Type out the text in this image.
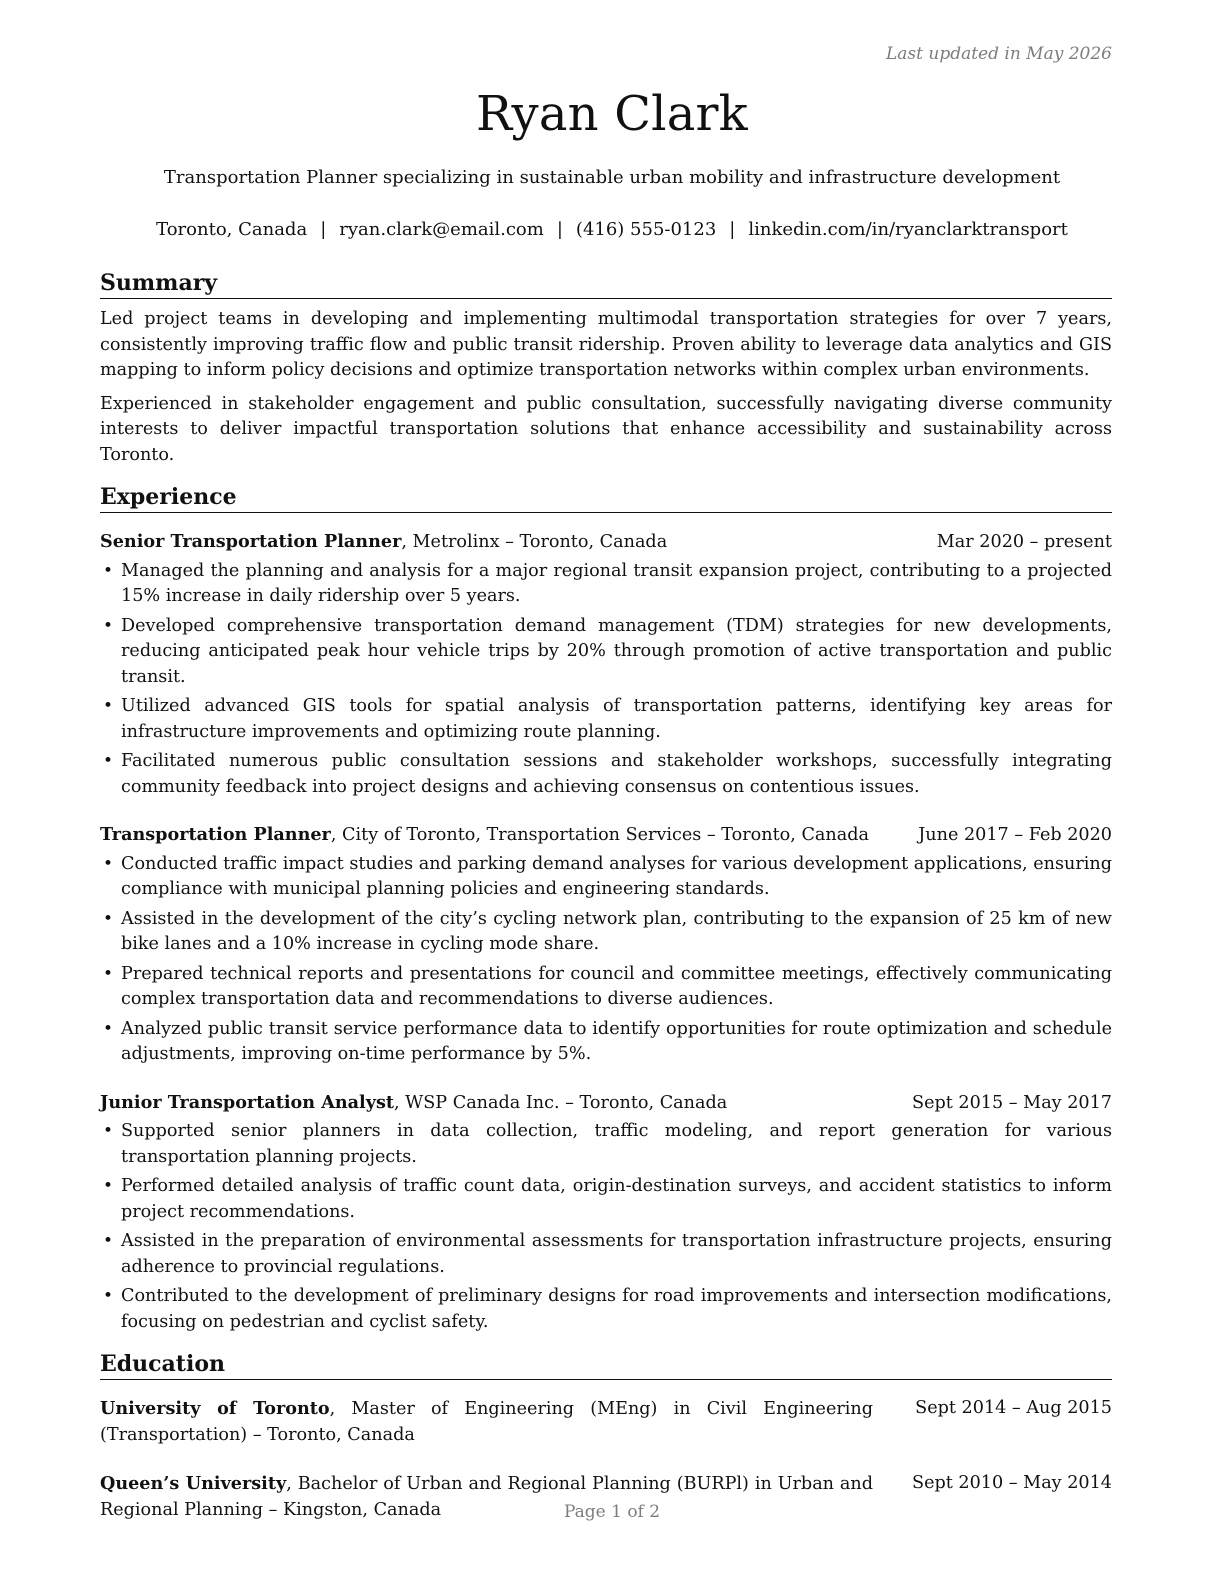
Last updated in May 2026
Ryan Clark
Transportation Planner specializing in sustainable urban mobility and infrastructure development
Toronto, Canada | ryan.clark@email.com | (416) 555-0123 | linkedin.com/in/ryanclarktransport
Summary

Led project teams in developing and implementing multimodal transportation strategies for over 7 years, consistently improving traffic flow and public transit ridership. Proven ability to leverage data analytics and GIS mapping to inform policy decisions and optimize transportation networks within complex urban environments.

Experienced in stakeholder engagement and public consultation, successfully navigating diverse community interests to deliver impactful transportation solutions that enhance accessibility and sustainability across Toronto.

Experience
Senior Transportation Planner, Metrolinx – Toronto, Canada	Mar 2020 – present
• Managed the planning and analysis for a major regional transit expansion project, contributing to a projected 15% increase in daily ridership over 5 years.
• Developed comprehensive transportation demand management (TDM) strategies for new developments, reducing anticipated peak hour vehicle trips by 20% through promotion of active transportation and public transit.
• Utilized advanced GIS tools for spatial analysis of transportation patterns, identifying key areas for infrastructure improvements and optimizing route planning.
• Facilitated numerous public consultation sessions and stakeholder workshops, successfully integrating community feedback into project designs and achieving consensus on contentious issues.
Transportation Planner, City of Toronto, Transportation Services – Toronto, Canada	June 2017 – Feb 2020
• Conducted traffic impact studies and parking demand analyses for various development applications, ensuring compliance with municipal planning policies and engineering standards.
• Assisted in the development of the city’s cycling network plan, contributing to the expansion of 25 km of new bike lanes and a 10% increase in cycling mode share.
• Prepared technical reports and presentations for council and committee meetings, effectively communicating complex transportation data and recommendations to diverse audiences.
• Analyzed public transit service performance data to identify opportunities for route optimization and schedule adjustments, improving on-time performance by 5%.
Junior Transportation Analyst, WSP Canada Inc. – Toronto, Canada	Sept 2015 – May 2017
• Supported senior planners in data collection, traffic modeling, and report generation for various transportation planning projects.
• Performed detailed analysis of traffic count data, origin-destination surveys, and accident statistics to inform project recommendations.
• Assisted in the preparation of environmental assessments for transportation infrastructure projects, ensuring adherence to provincial regulations.
• Contributed to the development of preliminary designs for road improvements and intersection modifications, focusing on pedestrian and cyclist safety.
Education
University of Toronto, Master of Engineering (MEng) in Civil Engineering (Transportation) – Toronto, Canada
Sept 2014 – Aug 2015
Queen’s University, Bachelor of Urban and Regional Planning (BURPl) in Urban and Regional Planning – Kingston, Canada
Sept 2010 – May 2014
Page 1 of 2
